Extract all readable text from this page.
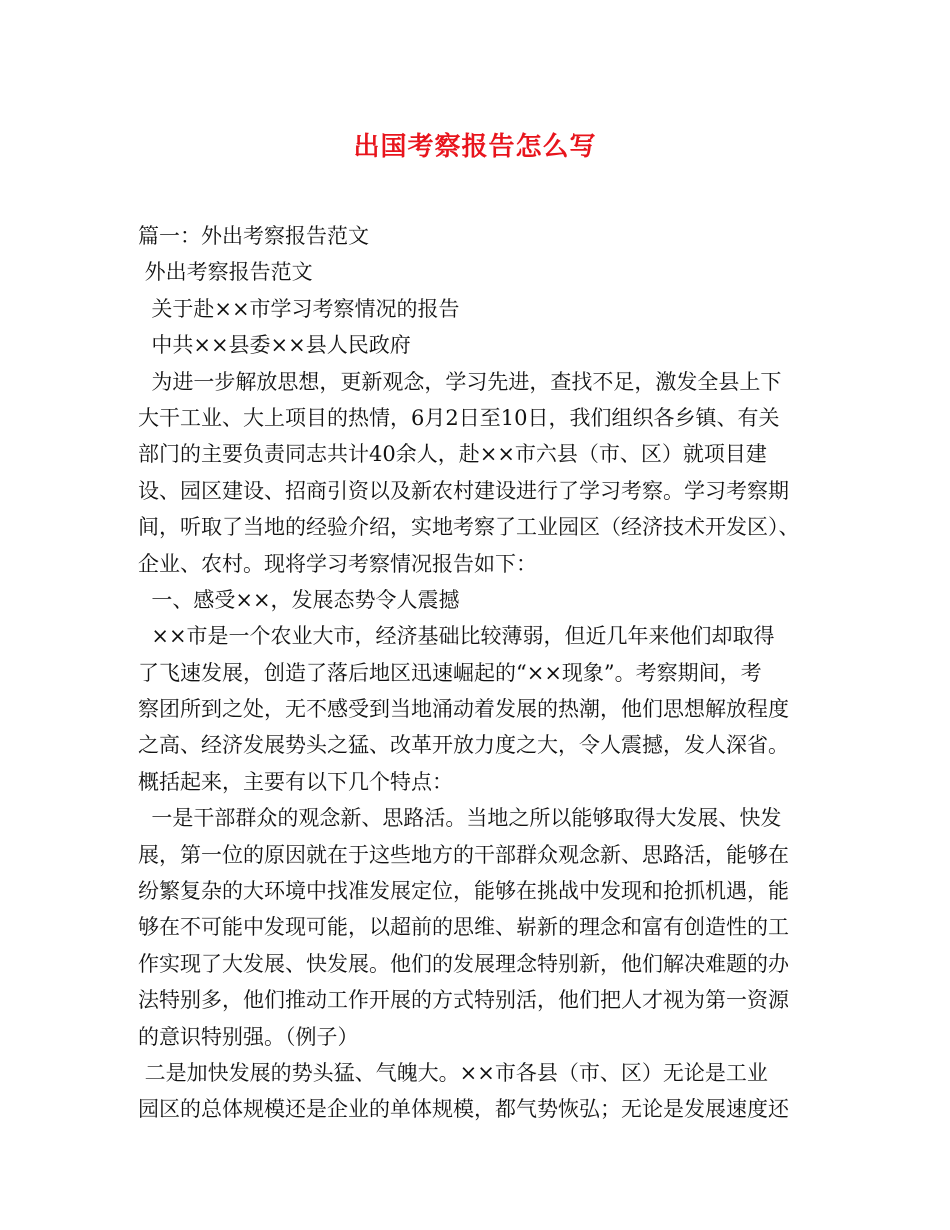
出国考察报告怎么写
篇一：外出考察报告范文
外出考察报告范文
关于赴××市学习考察情况的报告
中共××县委××县人民政府
为进一步解放思想，更新观念，学习先进，查找不足，激发全县上下
大干工业、大上项目的热情，6月2日至10日，我们组织各乡镇、有关
部门的主要负责同志共计40余人，赴××市六县（市、区）就项目建
设、园区建设、招商引资以及新农村建设进行了学习考察。学习考察期
间，听取了当地的经验介绍，实地考察了工业园区（经济技术开发区）、
企业、农村。现将学习考察情况报告如下：
一、感受××，发展态势令人震撼
××市是一个农业大市，经济基础比较薄弱，但近几年来他们却取得
了飞速发展，创造了落后地区迅速崛起的“××现象”。考察期间，考
察团所到之处，无不感受到当地涌动着发展的热潮，他们思想解放程度
之高、经济发展势头之猛、改革开放力度之大，令人震撼，发人深省。
概括起来，主要有以下几个特点：
一是干部群众的观念新、思路活。当地之所以能够取得大发展、快发
展，第一位的原因就在于这些地方的干部群众观念新、思路活，能够在
纷繁复杂的大环境中找准发展定位，能够在挑战中发现和抢抓机遇，能
够在不可能中发现可能，以超前的思维、崭新的理念和富有创造性的工
作实现了大发展、快发展。他们的发展理念特别新，他们解决难题的办
法特别多，他们推动工作开展的方式特别活，他们把人才视为第一资源
的意识特别强。（例子）
二是加快发展的势头猛、气魄大。××市各县（市、区）无论是工业
园区的总体规模还是企业的单体规模，都气势恢弘；无论是发展速度还
